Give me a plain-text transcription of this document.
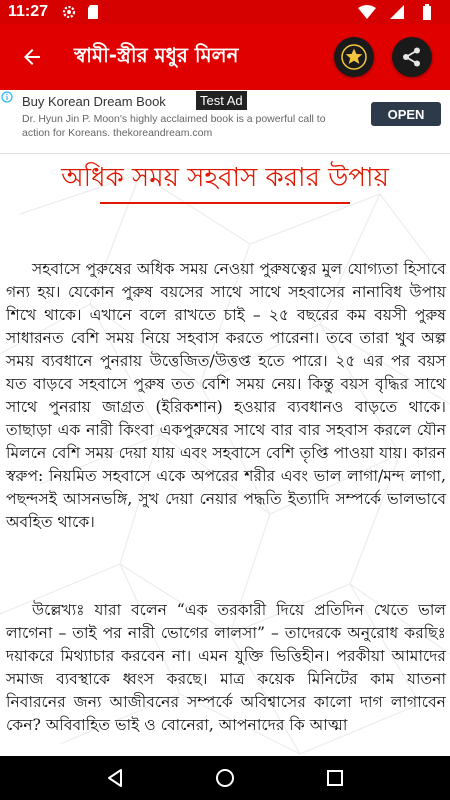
11:27
স্বামী-স্ত্রীর মধুর মিলন
Buy Korean Dream Book	Test Ad
Dr. Hyun Jin P. Moon's highly acclaimed book is a powerful call to action for Koreans. thekoreandream.com
OPEN
অধিক সময় সহবাস করার উপায়

সহবাসে পুরুষের অধিক সময় নেওয়া পুরুষত্বের মুল যোগ্যতা হিসাবে গন্য হয়। যেকোন পুরুষ বয়সের সাথে সাথে সহবাসের নানাবিধ উপায় শিখে থাকে। এখানে বলে রাখতে চাই – ২৫ বছরের কম বয়সী পুরুষ সাধারনত বেশি সময় নিয়ে সহবাস করতে পারেনা। তবে তারা খুব অল্প সময় ব্যবধানে পুনরায় উত্তেজিত/উত্তপ্ত হতে পারে। ২৫ এর পর বয়স যত বাড়বে সহবাসে পুরুষ তত বেশি সময় নেয়। কিন্তু বয়স বৃদ্ধির সাথে সাথে পুনরায় জাগ্রত (ইরিকশান) হওয়ার ব্যবধানও বাড়তে থাকে।তাছাড়া এক নারী কিংবা একপুরুষের সাথে বার বার সহবাস করলে যৌন মিলনে বেশি সময় দেয়া যায় এবং সহবাসে বেশি তৃপ্তি পাওয়া যায়। কারন স্বরুপ: নিয়মিত সহবাসে একে অপরের শরীর এবং ভাল লাগা/মন্দ লাগা, পছন্দসই আসনভঙ্গি, সুখ দেয়া নেয়ার পদ্ধতি ইত্যাদি সম্পর্কে ভালভাবে অবহিত থাকে।

উল্লেখ্যঃ যারা বলেন “এক তরকারী দিয়ে প্রতিদিন খেতে ভাল লাগেনা – তাই পর নারী ভোগের লালসা” – তাদেরকে অনুরোধ করছিঃ দয়াকরে মিথ্যাচার করবেন না। এমন যুক্তি ভিত্তিহীন। পরকীয়া আমাদের সমাজ ব্যবস্থাকে ধ্বংস করছে। মাত্র কয়েক মিনিটের কাম যাতনা নিবারনের জন্য আজীবনের সম্পর্কে অবিশ্বাসের কালো দাগ লাগাবেন কেন? অবিবাহিত ভাই ও বোনেরা, আপনাদের কি আত্মা
